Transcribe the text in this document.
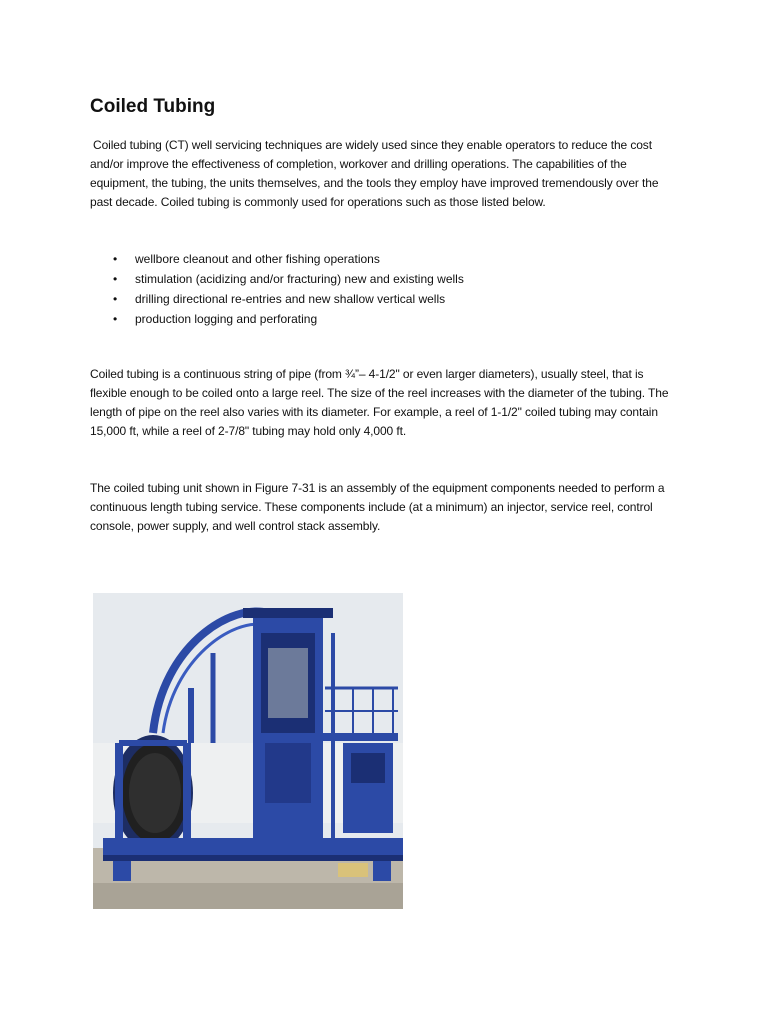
Coiled Tubing

Coiled tubing (CT) well servicing techniques are widely used since they enable operators to reduce the cost and/or improve the effectiveness of completion, workover and drilling operations. The capabilities of the equipment, the tubing, the units themselves, and the tools they employ have improved tremendously over the past decade. Coiled tubing is commonly used for operations such as those listed below.

• wellbore cleanout and other fishing operations
• stimulation (acidizing and/or fracturing) new and existing wells
• drilling directional re-entries and new shallow vertical wells
• production logging and perforating

Coiled tubing is a continuous string of pipe (from ¾”– 4-1/2" or even larger diameters), usually steel, that is flexible enough to be coiled onto a large reel. The size of the reel increases with the diameter of the tubing. The length of pipe on the reel also varies with its diameter. For example, a reel of 1-1/2" coiled tubing may contain 15,000 ft, while a reel of 2-7/8" tubing may hold only 4,000 ft.

The coiled tubing unit shown in Figure 7-31 is an assembly of the equipment components needed to perform a continuous length tubing service. These components include (at a minimum) an injector, service reel, control console, power supply, and well control stack assembly.
